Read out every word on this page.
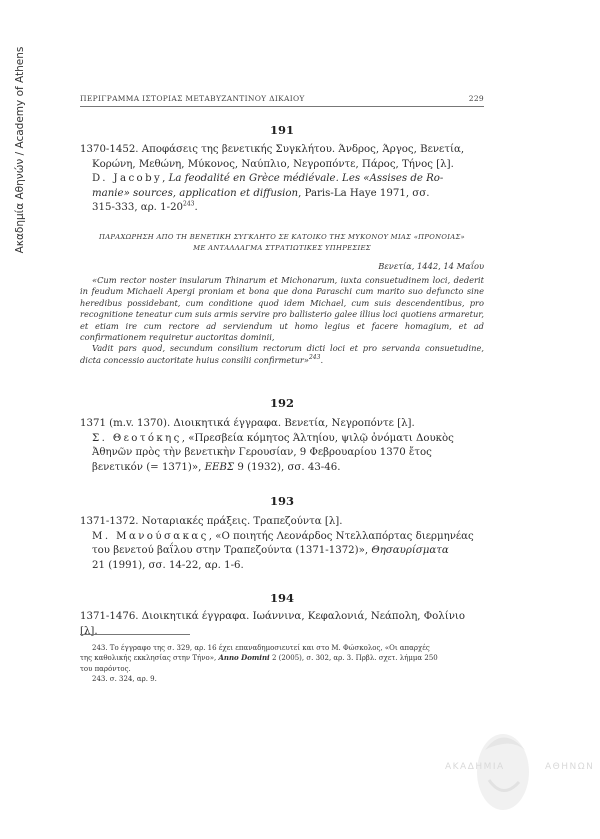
Ακαδημία Αθηνών / Academy of Athens	ΠΕΡΙΓΡΑΜΜΑ ΙΣΤΟΡΙΑΣ ΜΕΤΑΒΥΖΑΝΤΙΝΟΥ ΔΙΚΑΙΟΥ	229
191

1370-1452. Αποφάσεις της βενετικής Συγκλήτου. Άνδρος, Άργος, Βενετία,

Κορώνη, Μεθώνη, Μύκονος, Ναύπλιο, Νεγροπόντε, Πάρος, Τήνος [λ].

D. Jacoby, La feodalité en Grèce médiévale. Les «Assises de Ro-

manie» sources, application et diffusion, Paris-La Haye 1971, σσ.

315-333, αρ. $1-20^{243}$.

ΠΑΡΑΧΩΡΗΣΗ ΑΠΟ ΤΗ ΒΕΝΕΤΙΚΗ ΣΥΓΚΛΗΤΟ ΣΕ ΚΑΤΟΙΚΟ ΤΗΣ ΜΥΚΟΝΟΥ ΜΙΑΣ «ΠΡΟΝΟΙΑΣ»
ΜΕ ΑΝΤΑΛΛΑΓΜΑ ΣΤΡΑΤΙΩΤΙΚΕΣ ΥΠΗΡΕΣΙΕΣ
Βενετία, 1442, 14 Μαΐου

«Cum rector noster insularum Thinarum et Michonarum, iuxta consuetudinem loci, dederit in feudum Michaeli Apergi proniam et bona que dona Paraschi cum marito suo defuncto sine heredibus possidebant, cum conditione quod idem Michael, cum suis descendentibus, pro recognitione teneatur cum suis armis servire pro ballisterio galee illius loci quotiens armaretur, et etiam ire cum rectore ad serviendum ut homo legius et facere homagium, et ad confirmationem requiretur auctoritas dominii,

Vadit pars quod, secundum consilium rectorum dicti loci et pro servanda consuetudine, dicta concessio auctoritate huius consilii confirmetur»$^{243}$.

192

1371 (m.v. 1370). Διοικητικά έγγραφα. Βενετία, Νεγροπόντε [λ].

Σ. Θεοτόκης, «Πρεσβεία κόμητος Άλτηίου, ψιλῷ ὀνόματι Δουκὸς

Ἀθηνῶν πρὸς τὴν βενετικὴν Γερουσίαν, 9 Φεβρουαρίου 1370 ἔτος

βενετικόν (= 1371)», ΕΕΒΣ 9 (1932), σσ. 43-46.

193

1371-1372. Νοταριακές πράξεις. Τραπεζούντα [λ].

Μ. Μανούσακας, «Ο ποιητής Λεονάρδος Ντελλαπόρτας διερμηνέας

του βενετού βαΐλου στην Τραπεζούντα (1371-1372)», Θησαυρίσματα

21 (1991), σσ. 14-22, αρ. 1-6.

194

1371-1476. Διοικητικά έγγραφα. Ιωάννινα, Κεφαλονιά, Νεάπολη, Φολίνιο [λ].

243. Το έγγραφο της σ. 329, αρ. 16 έχει επαναδημοσιευτεί και στο Μ. Φώσκολος, «Οι απαρχές

της καθολικής εκκλησίας στην Τήνο», Anno Domini 2 (2005), σ. 302, αρ. 3. Πρβλ. σχετ. λήμμα 250

του παρόντος.

243. σ. 324, αρ. 9.

ΑΚΑΔΗΜΙΑ	ΑΘΗΝΩΝ
